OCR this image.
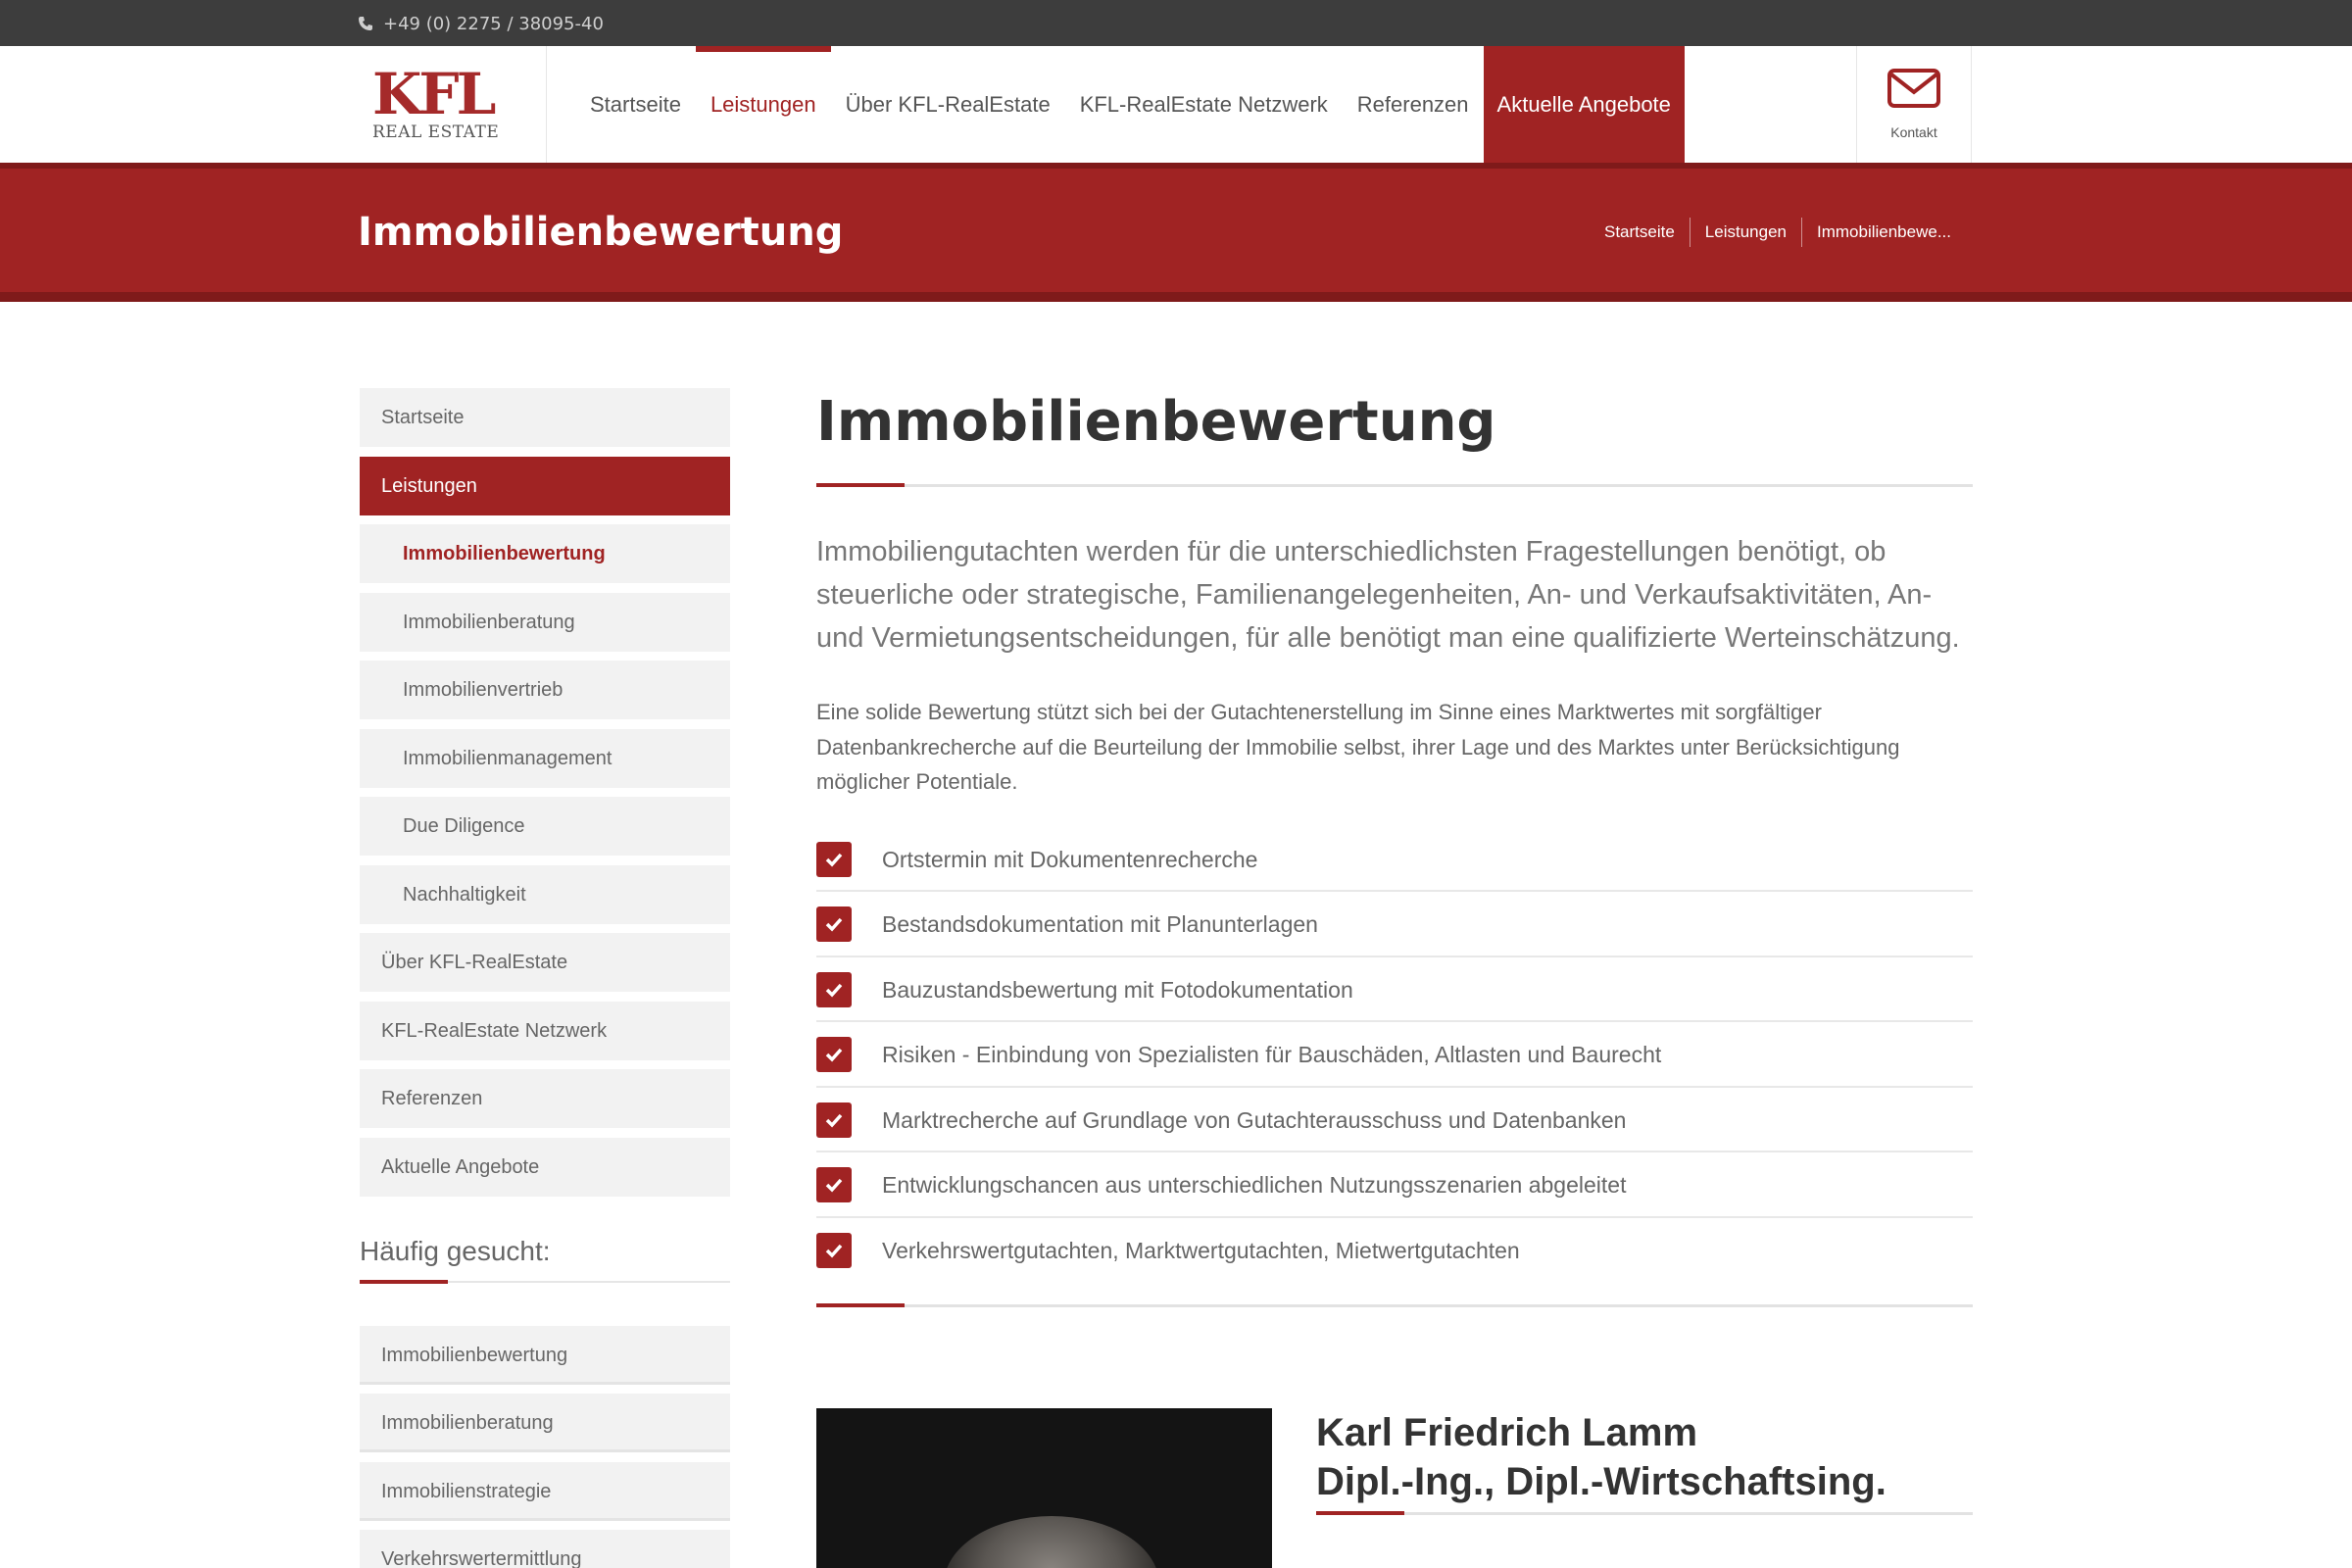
+49 (0) 2275 / 38095-40
KFL
REAL ESTATE
Startseite	Leistungen	Über KFL-RealEstate	KFL-RealEstate Netzwerk	Referenzen	Aktuelle Angebote
Kontakt
Immobilienbewertung	Startseite	Leistungen	Immobilienbewe...
Startseite
Leistungen
Immobilienbewertung
Immobilienberatung
Immobilienvertrieb
Immobilienmanagement
Due Diligence
Nachhaltigkeit
Über KFL-RealEstate
KFL-RealEstate Netzwerk
Referenzen
Aktuelle Angebote
Häufig gesucht:
Immobilienbewertung
Immobilienberatung
Immobilienstrategie
Verkehrswertermittlung
Immobilienbewertung

Immobiliengutachten werden für die unterschiedlichsten Fragestellungen benötigt, ob steuerliche oder strategische, Familienangelegenheiten, An- und Verkaufsaktivitäten, An- und Vermietungsentscheidungen, für alle benötigt man eine qualifizierte Werteinschätzung.

Eine solide Bewertung stützt sich bei der Gutachtenerstellung im Sinne eines Marktwertes mit sorgfältiger Datenbankrecherche auf die Beurteilung der Immobilie selbst, ihrer Lage und des Marktes unter Berücksichtigung möglicher Potentiale.

Ortstermin mit Dokumentenrecherche
Bestandsdokumentation mit Planunterlagen
Bauzustandsbewertung mit Fotodokumentation
Risiken - Einbindung von Spezialisten für Bauschäden, Altlasten und Baurecht
Marktrecherche auf Grundlage von Gutachterausschuss und Datenbanken
Entwicklungschancen aus unterschiedlichen Nutzungsszenarien abgeleitet
Verkehrswertgutachten, Marktwertgutachten, Mietwertgutachten
Karl Friedrich Lamm
Dipl.-Ing., Dipl.-Wirtschaftsing.
